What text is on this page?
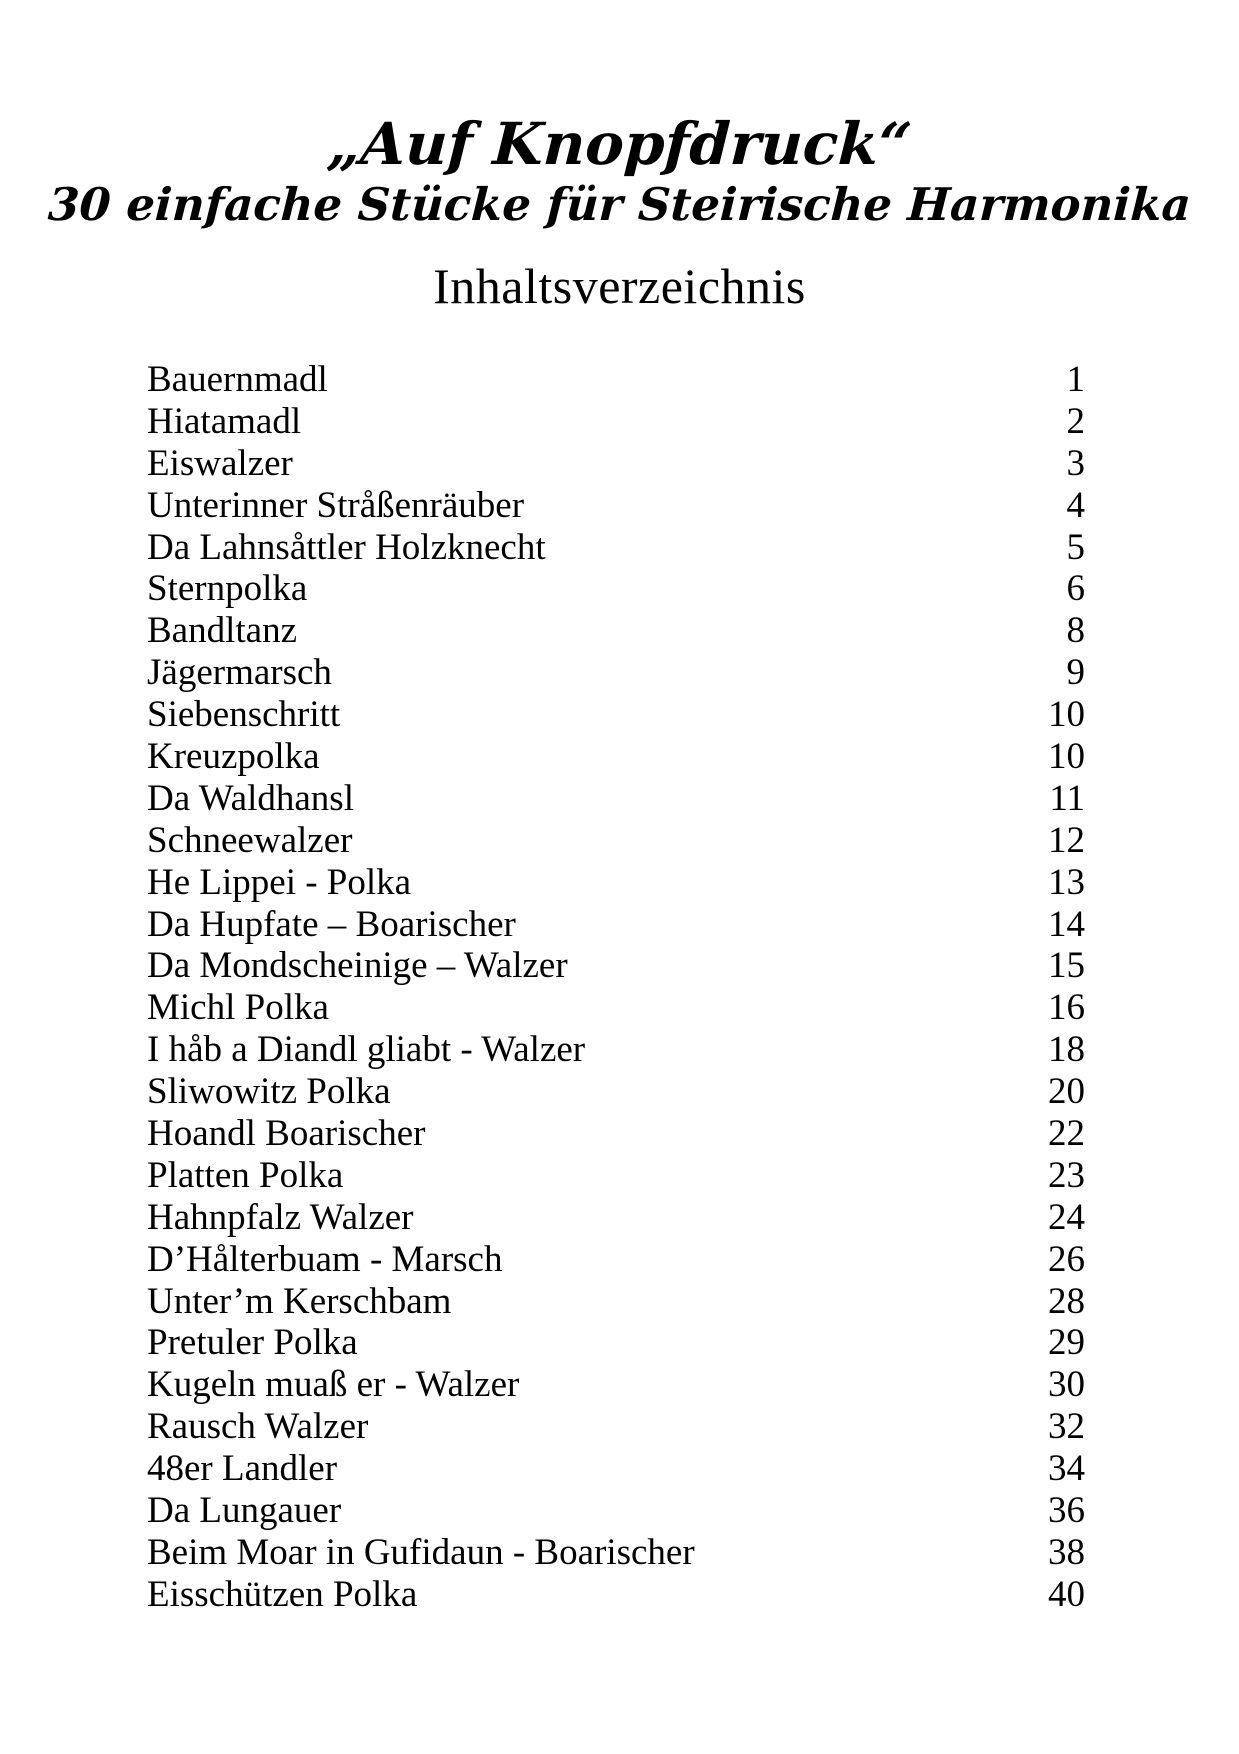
„Auf Knopfdruck“
30 einfache Stücke für Steirische Harmonika
Inhaltsverzeichnis
Bauernmadl	1
Hiatamadl	2
Eiswalzer	3
Unterinner Stråßenräuber	4
Da Lahnsåttler Holzknecht	5
Sternpolka	6
Bandltanz	8
Jägermarsch	9
Siebenschritt	10
Kreuzpolka	10
Da Waldhansl	11
Schneewalzer	12
He Lippei - Polka	13
Da Hupfate – Boarischer	14
Da Mondscheinige – Walzer	15
Michl Polka	16
I håb a Diandl gliabt - Walzer	18
Sliwowitz Polka	20
Hoandl Boarischer	22
Platten Polka	23
Hahnpfalz Walzer	24
D’Hålterbuam - Marsch	26
Unter’m Kerschbam	28
Pretuler Polka	29
Kugeln muaß er - Walzer	30
Rausch Walzer	32
48er Landler	34
Da Lungauer	36
Beim Moar in Gufidaun - Boarischer	38
Eisschützen Polka	40
